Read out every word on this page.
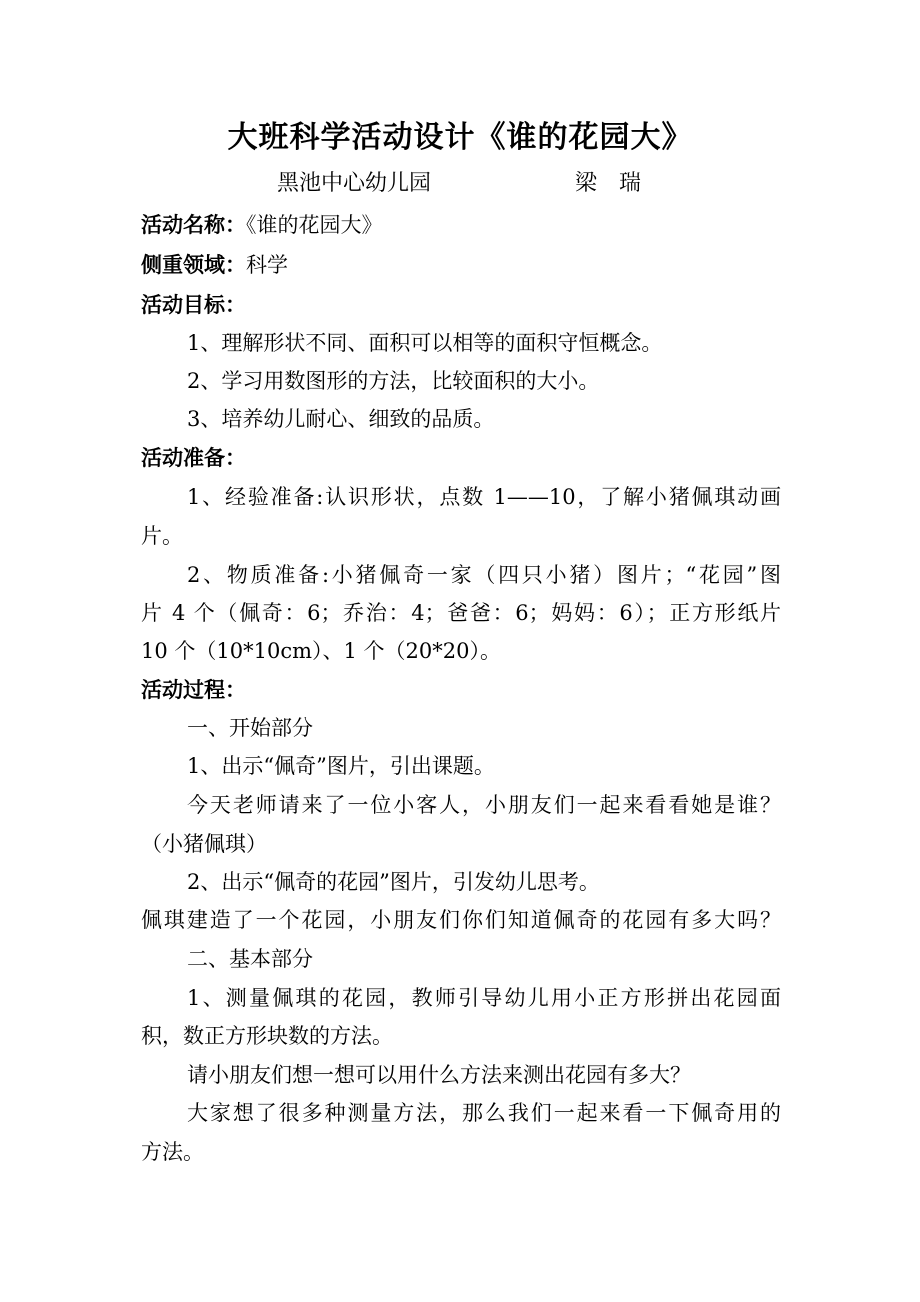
大班科学活动设计《谁的花园大》
黑池中心幼儿园	梁　瑞
活动名称：《谁的花园大》
侧重领域：科学
活动目标：
1、理解形状不同、面积可以相等的面积守恒概念。
2、学习用数图形的方法，比较面积的大小。
3、培养幼儿耐心、细致的品质。
活动准备：
1、经验准备:认识形状，点数 1——10，了解小猪佩琪动画
片。
2、物质准备:小猪佩奇一家（四只小猪）图片；“花园”图
片 4 个（佩奇：6；乔治：4；爸爸：6；妈妈：6）；正方形纸片
10 个（10*10cm）、1 个（20*20）。
活动过程：
一、开始部分
1、出示“佩奇”图片，引出课题。
今天老师请来了一位小客人，小朋友们一起来看看她是谁？
（小猪佩琪）
2、出示“佩奇的花园”图片，引发幼儿思考。
佩琪建造了一个花园，小朋友们你们知道佩奇的花园有多大吗？
二、基本部分
1、测量佩琪的花园，教师引导幼儿用小正方形拼出花园面
积，数正方形块数的方法。
请小朋友们想一想可以用什么方法来测出花园有多大？
大家想了很多种测量方法，那么我们一起来看一下佩奇用的
方法。
